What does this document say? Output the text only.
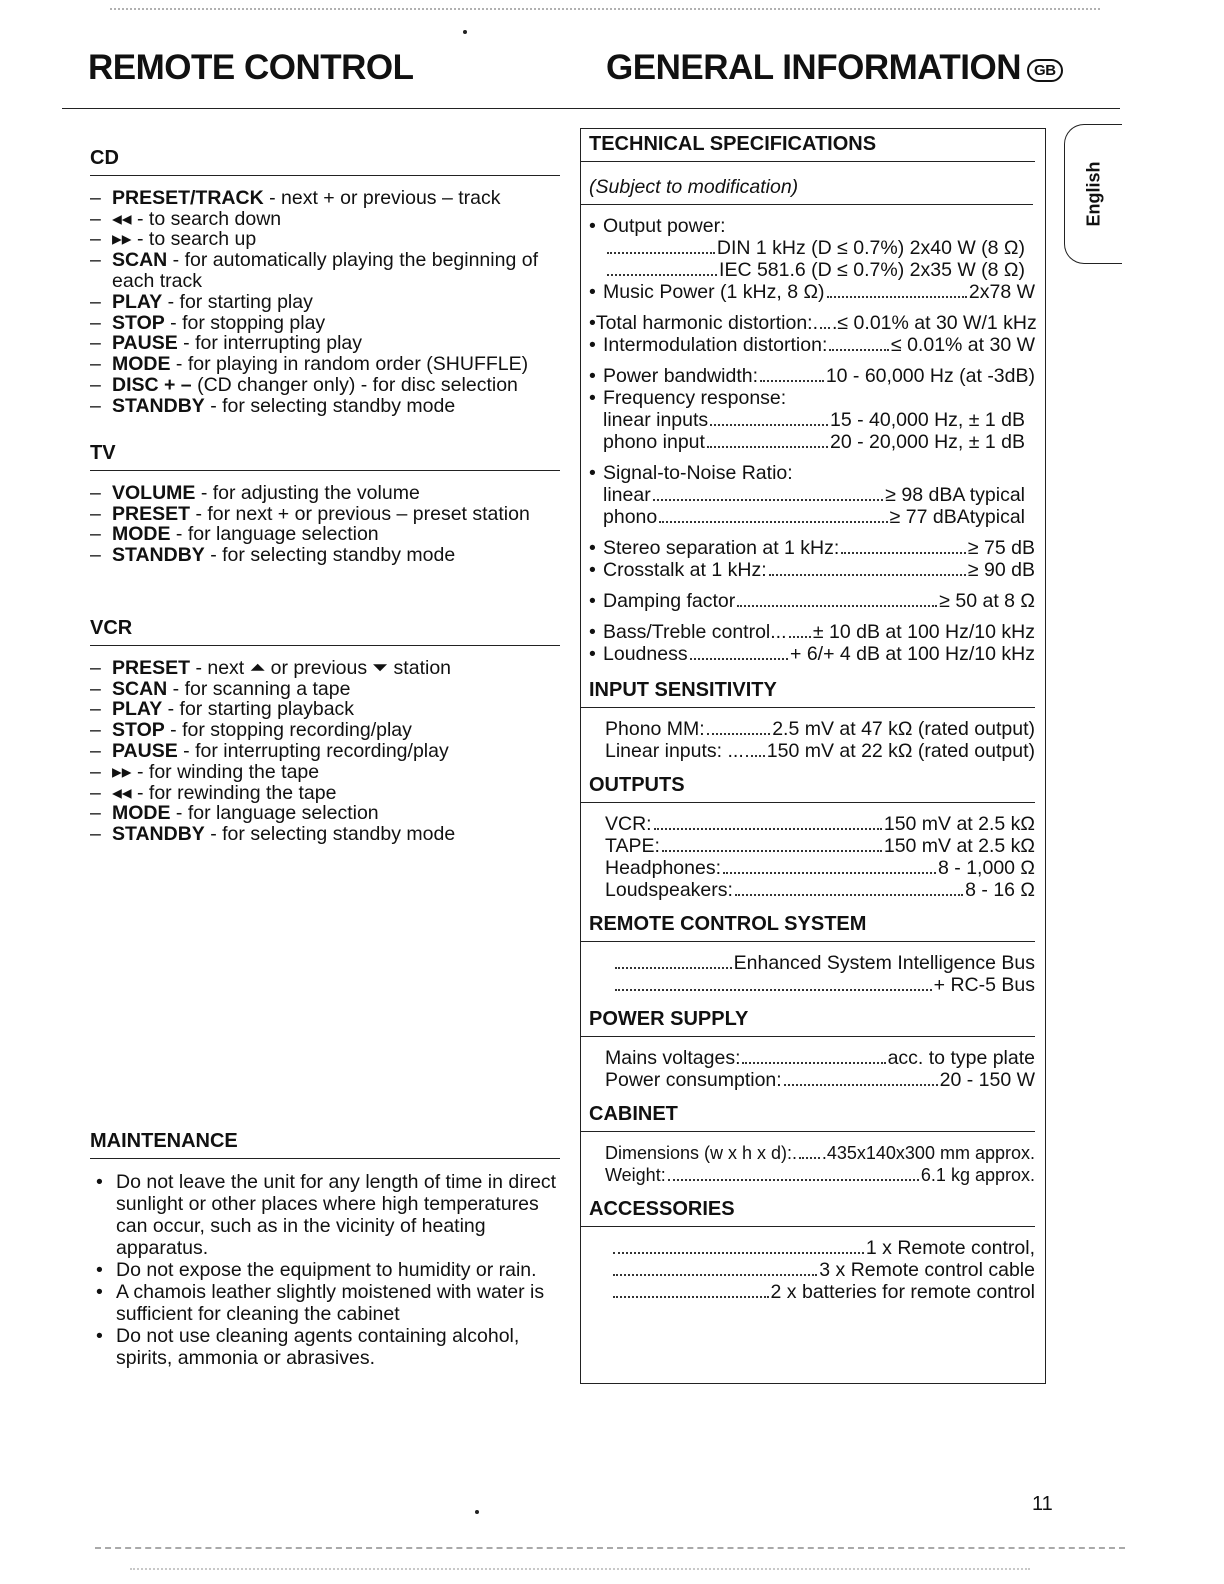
REMOTE CONTROL	GENERAL INFORMATION GB
English
CD
– PRESET/TRACK - next + or previous – track
– ◂◂ - to search down
– ▸▸ - to search up
– SCAN - for automatically playing the beginning of each track
– PLAY - for starting play
– STOP - for stopping play
– PAUSE - for interrupting play
– MODE - for playing in random order (SHUFFLE)
– DISC + – (CD changer only) - for disc selection
– STANDBY - for selecting standby mode
TV
– VOLUME - for adjusting the volume
– PRESET - for next + or previous – preset station
– MODE - for language selection
– STANDBY - for selecting standby mode
VCR
– PRESET - next ⏶ or previous ⏷ station
– SCAN - for scanning a tape
– PLAY - for starting playback
– STOP - for stopping recording/play
– PAUSE - for interrupting recording/play
– ▸▸ - for winding the tape
– ◂◂ - for rewinding the tape
– MODE - for language selection
– STANDBY - for selecting standby mode
MAINTENANCE
• Do not leave the unit for any length of time in direct sunlight or other places where high temperatures can occur, such as in the vicinity of heating apparatus.
• Do not expose the equipment to humidity or rain.
• A chamois leather slightly moistened with water is sufficient for cleaning the cabinet
• Do not use cleaning agents containing alcohol, spirits, ammonia or abrasives.
TECHNICAL SPECIFICATIONS
(Subject to modification)
• Output power:
DIN 1 kHz (D ≤ 0.7%) 2x40 W (8 Ω)
IEC 581.6 (D ≤ 0.7%) 2x35 W (8 Ω)
• Music Power (1 kHz, 8 Ω)	2x78 W
• Total harmonic distortion:. .≤ 0.01% at 30 W/1 kHz
• Intermodulation distortion:	≤ 0.01% at 30 W
• Power bandwidth:	10 - 60,000 Hz (at -3dB)
• Frequency response:
linear inputs	15 - 40,000 Hz, ± 1 dB
phono input	20 - 20,000 Hz, ± 1 dB
• Signal-to-Noise Ratio:
linear	≥ 98 dBA typical
phono	≥ 77 dBAtypical
• Stereo separation at 1 kHz:	≥ 75 dB
• Crosstalk at 1 kHz:	≥ 90 dB
• Damping factor	≥ 50 at 8 Ω
• Bass/Treble control... ± 10 dB at 100 Hz/10 kHz
• Loudness	+ 6/+ 4 dB at 100 Hz/10 kHz
INPUT SENSITIVITY
Phono MM:	2.5 mV at 47 kΩ (rated output)
Linear inputs: ... 150 mV at 22 kΩ (rated output)
OUTPUTS
VCR:	150 mV at 2.5 kΩ
TAPE:	150 mV at 2.5 kΩ
Headphones:	8 - 1,000 Ω
Loudspeakers:	8 - 16 Ω
REMOTE CONTROL SYSTEM
Enhanced System Intelligence Bus
+ RC-5 Bus
POWER SUPPLY
Mains voltages:	acc. to type plate
Power consumption:	20 - 150 W
CABINET
Dimensions (w x h x d):. .435x140x300 mm approx.
Weight:	6.1 kg approx.
ACCESSORIES
1 x Remote control,
3 x Remote control cable
2 x batteries for remote control
11
